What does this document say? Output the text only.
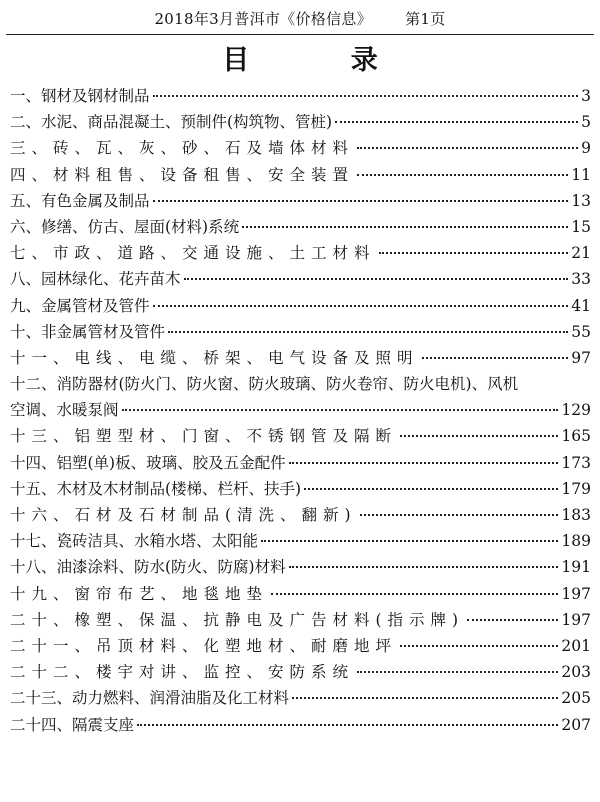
2018年3月普洱市《价格信息》 第1页
目 录
一、钢材及钢材制品	3
二、水泥、商品混凝土、预制件(构筑物、管桩)	5
三、砖、瓦、灰、砂、石及墙体材料	9
四、材料租售、设备租售、安全装置	11
五、有色金属及制品	13
六、修缮、仿古、屋面(材料)系统	15
七、市政、道路、交通设施、土工材料	21
八、园林绿化、花卉苗木	33
九、金属管材及管件	41
十、非金属管材及管件	55
十一、电线、电缆、桥架、电气设备及照明	97
十二、消防器材(防火门、防火窗、防火玻璃、防火卷帘、防火电机)、风机
空调、水暖泵阀	129
十三、铝塑型材、门窗、不锈钢管及隔断	165
十四、铝塑(单)板、玻璃、胶及五金配件	173
十五、木材及木材制品(楼梯、栏杆、扶手)	179
十六、石材及石材制品(清洗、翻新)	183
十七、瓷砖洁具、水箱水塔、太阳能	189
十八、油漆涂料、防水(防火、防腐)材料	191
十九、窗帘布艺、地毯地垫	197
二十、橡塑、保温、抗静电及广告材料(指示牌)	197
二十一、吊顶材料、化塑地材、耐磨地坪	201
二十二、楼宇对讲、监控、安防系统	203
二十三、动力燃料、润滑油脂及化工材料	205
二十四、隔震支座	207
